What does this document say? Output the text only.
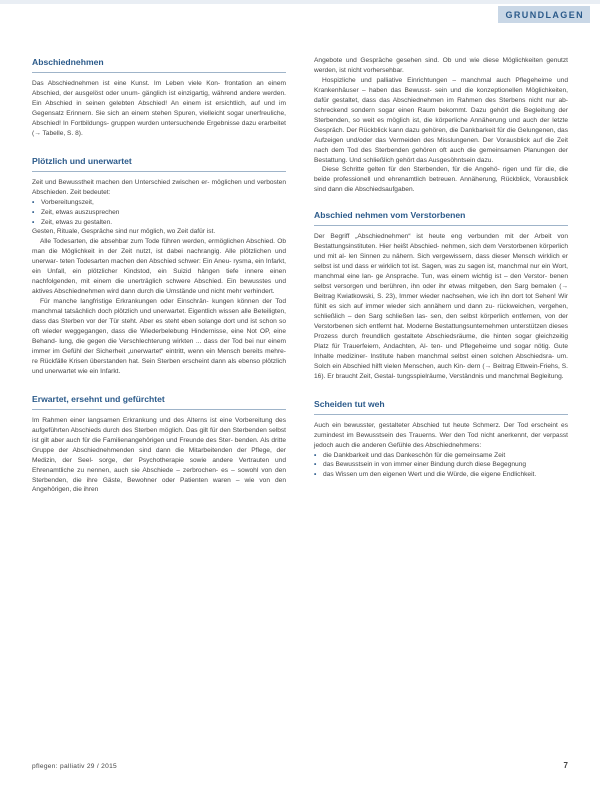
GRUNDLAGEN
Abschiednehmen

Das Abschiednehmen ist eine Kunst. Im Leben viele Kon- frontation an einem Abschied, der ausgelöst oder unum- gänglich ist einzigartig, während andere werden. Ein Abschied in seinen gelebten Abschied! An einem ist ersichtlich, auf und im Gegensatz Erinnern. Sie sich an einem stehen Spuren, vielleicht sogar unerfreuliche, Abschied! In Fortbildungs- gruppen wurden untersuchende Ergebnisse dazu erarbeitet (→ Tabelle, S. 8).

Plötzlich und unerwartet

Zeit und Bewusstheit machen den Unterschied zwischen er- möglichen und verbosten Abschieden. Zeit bedeutet:

• Vorbereitungszeit,
• Zeit, etwas auszusprechen
• Zeit, etwas zu gestalten.

Gesten, Rituale, Gespräche sind nur möglich, wo Zeit dafür ist.

Alle Todesarten, die absehbar zum Tode führen werden, ermöglichen Abschied. Ob man die Möglichkeit in der Zeit nutzt, ist dabei nachrangig. Alle plötzlichen und unerwar- teten Todesarten machen den Abschied schwer: Ein Aneu- rysma, ein Infarkt, ein Unfall, ein plötzlicher Kindstod, ein Suizid hängen tiefe innere einen nachfolgenden, mit einem die unerträglich schwere Abschied. Ein bewusstes und aktives Abschiednehmen wird dann durch die Umstände und nicht mehr verhindert.

Für manche langfristige Erkrankungen oder Einschrän- kungen können der Tod manchmal tatsächlich doch plötzlich und unerwartet. Eigentlich wissen alle Beteiligten, dass das Sterben vor der Tür steht. Aber es steht eben solange dort und ist schon so oft wieder weggegangen, dass die Wiederbelebung Hindernisse, eine Not OP, eine Behand- lung, die gegen die Verschlechterung wirkten ... dass der Tod bei nur einem immer im Gefühl der Sicherheit „unerwartet“ eintritt, wenn ein Mensch bereits mehre- re Rückfälle Krisen überstanden hat. Sein Sterben erscheint dann als ebenso plötzlich und unerwartet wie ein Infarkt.

Erwartet, ersehnt und gefürchtet

Im Rahmen einer langsamen Erkrankung und des Alterns ist eine Vorbereitung des aufgeführten Abschieds durch des Sterben möglich. Das gilt für den Sterbenden selbst ist gilt aber auch für die Familienangehörigen und Freunde des Ster- benden. Als dritte Gruppe der Abschiednehmenden sind dann die Mitarbeitenden der Pflege, der Medizin, der Seel- sorge, der Psychotherapie sowie andere Vertrauten und Ehrenamtliche zu nennen, auch sie Abschiede – zerbrochen- es – sowohl von den Sterbenden, die ihre Gäste, Bewohner oder Patienten waren – wie von den Angehörigen, die ihren

Angebote und Gespräche gesehen sind. Ob und wie diese Möglichkeiten genutzt werden, ist nicht vorhersehbar.

Hospizliche und palliative Einrichtungen – manchmal auch Pflegeheime und Krankenhäuser – haben das Bewusst- sein und die konzeptionellen Möglichkeiten, dafür gestaltet, dass das Abschiednehmen im Rahmen des Sterbens nicht nur ab- schreckend sondern sogar einen Raum bekommt. Dazu gehört die Begleitung der Sterbenden, so weit es möglich ist, die körperliche Annäherung und auch der letzte Gespräch. Der Rückblick kann dazu gehören, die Dankbarkeit für die Gelungenen, das Aufzeigen und/oder das Vermeiden des Misslungenen. Der Vorausblick auf die Zeit nach dem Tod des Sterbenden gehören oft auch die gemeinsamen Planungen der Bestattung. Und schließlich gehört das Ausgesöhntsein dazu.

Diese Schritte gelten für den Sterbenden, für die Angehö- rigen und für die, die beide professionell und ehrenamtlich betreuen. Annäherung, Rückblick, Vorausblick sind dann die Abschiedsaufgaben.

Abschied nehmen vom Verstorbenen

Der Begriff „Abschiednehmen“ ist heute eng verbunden mit der Arbeit von Bestattungsinstituten. Hier heißt Abschied- nehmen, sich dem Verstorbenen körperlich und mit al- len Sinnen zu nähern. Sich vergewissern, dass dieser Mensch wirklich er selbst ist und dass er wirklich tot ist. Sagen, was zu sagen ist, manchmal nur ein Wort, manchmal eine lan- ge Ansprache. Tun, was einem wichtig ist – den Verstor- benen selbst versorgen und berühren, ihn oder ihr etwas mitgeben, den Sarg bemalen (→ Beitrag Kwiatkowski, S. 23), Immer wieder nachsehen, wie ich ihn dort tot Sehen! Wir fühlt es sich auf immer wieder sich annähern und dann zu- rückweichen, vergehen, schließlich – den Sarg schließen las- sen, den selbst körperlich entfernen, von der Verstorbenen sich entfernt hat. Moderne Bestattungsunternehmen unterstützen dieses Prozess durch freundlich gestaltete Abschiedsräume, die hinten sogar gleichzeitig Platz für Trauerfeiern, Andachten, Al- ten- und Pflegeheime und sogar nötig. Gute Inhalte mediziner- Institute haben manchmal selbst einen solchen Abschiedsra- um. Solch ein Abschied hilft vielen Menschen, auch Kin- dern (→ Beitrag Ettwein-Friehs, S. 16). Er braucht Zeit, Gestal- tungsspielräume, Verständnis und manchmal Begleitung.

Scheiden tut weh

Auch ein bewusster, gestalteter Abschied tut heute Schmerz. Der Tod erscheint es zumindest im Bewusstsein des Trauerns. Wer den Tod nicht anerkennt, der verpasst jedoch auch die anderen Gefühle des Abschiednehmens:

• die Dankbarkeit und das Dankeschön für die gemeinsame Zeit
• das Bewusstsein in von immer einer Bindung durch diese Begegnung
• das Wissen um den eigenen Wert und die Würde, die eigene Endlichkeit.
pflegen: palliativ 29 / 2015	7
